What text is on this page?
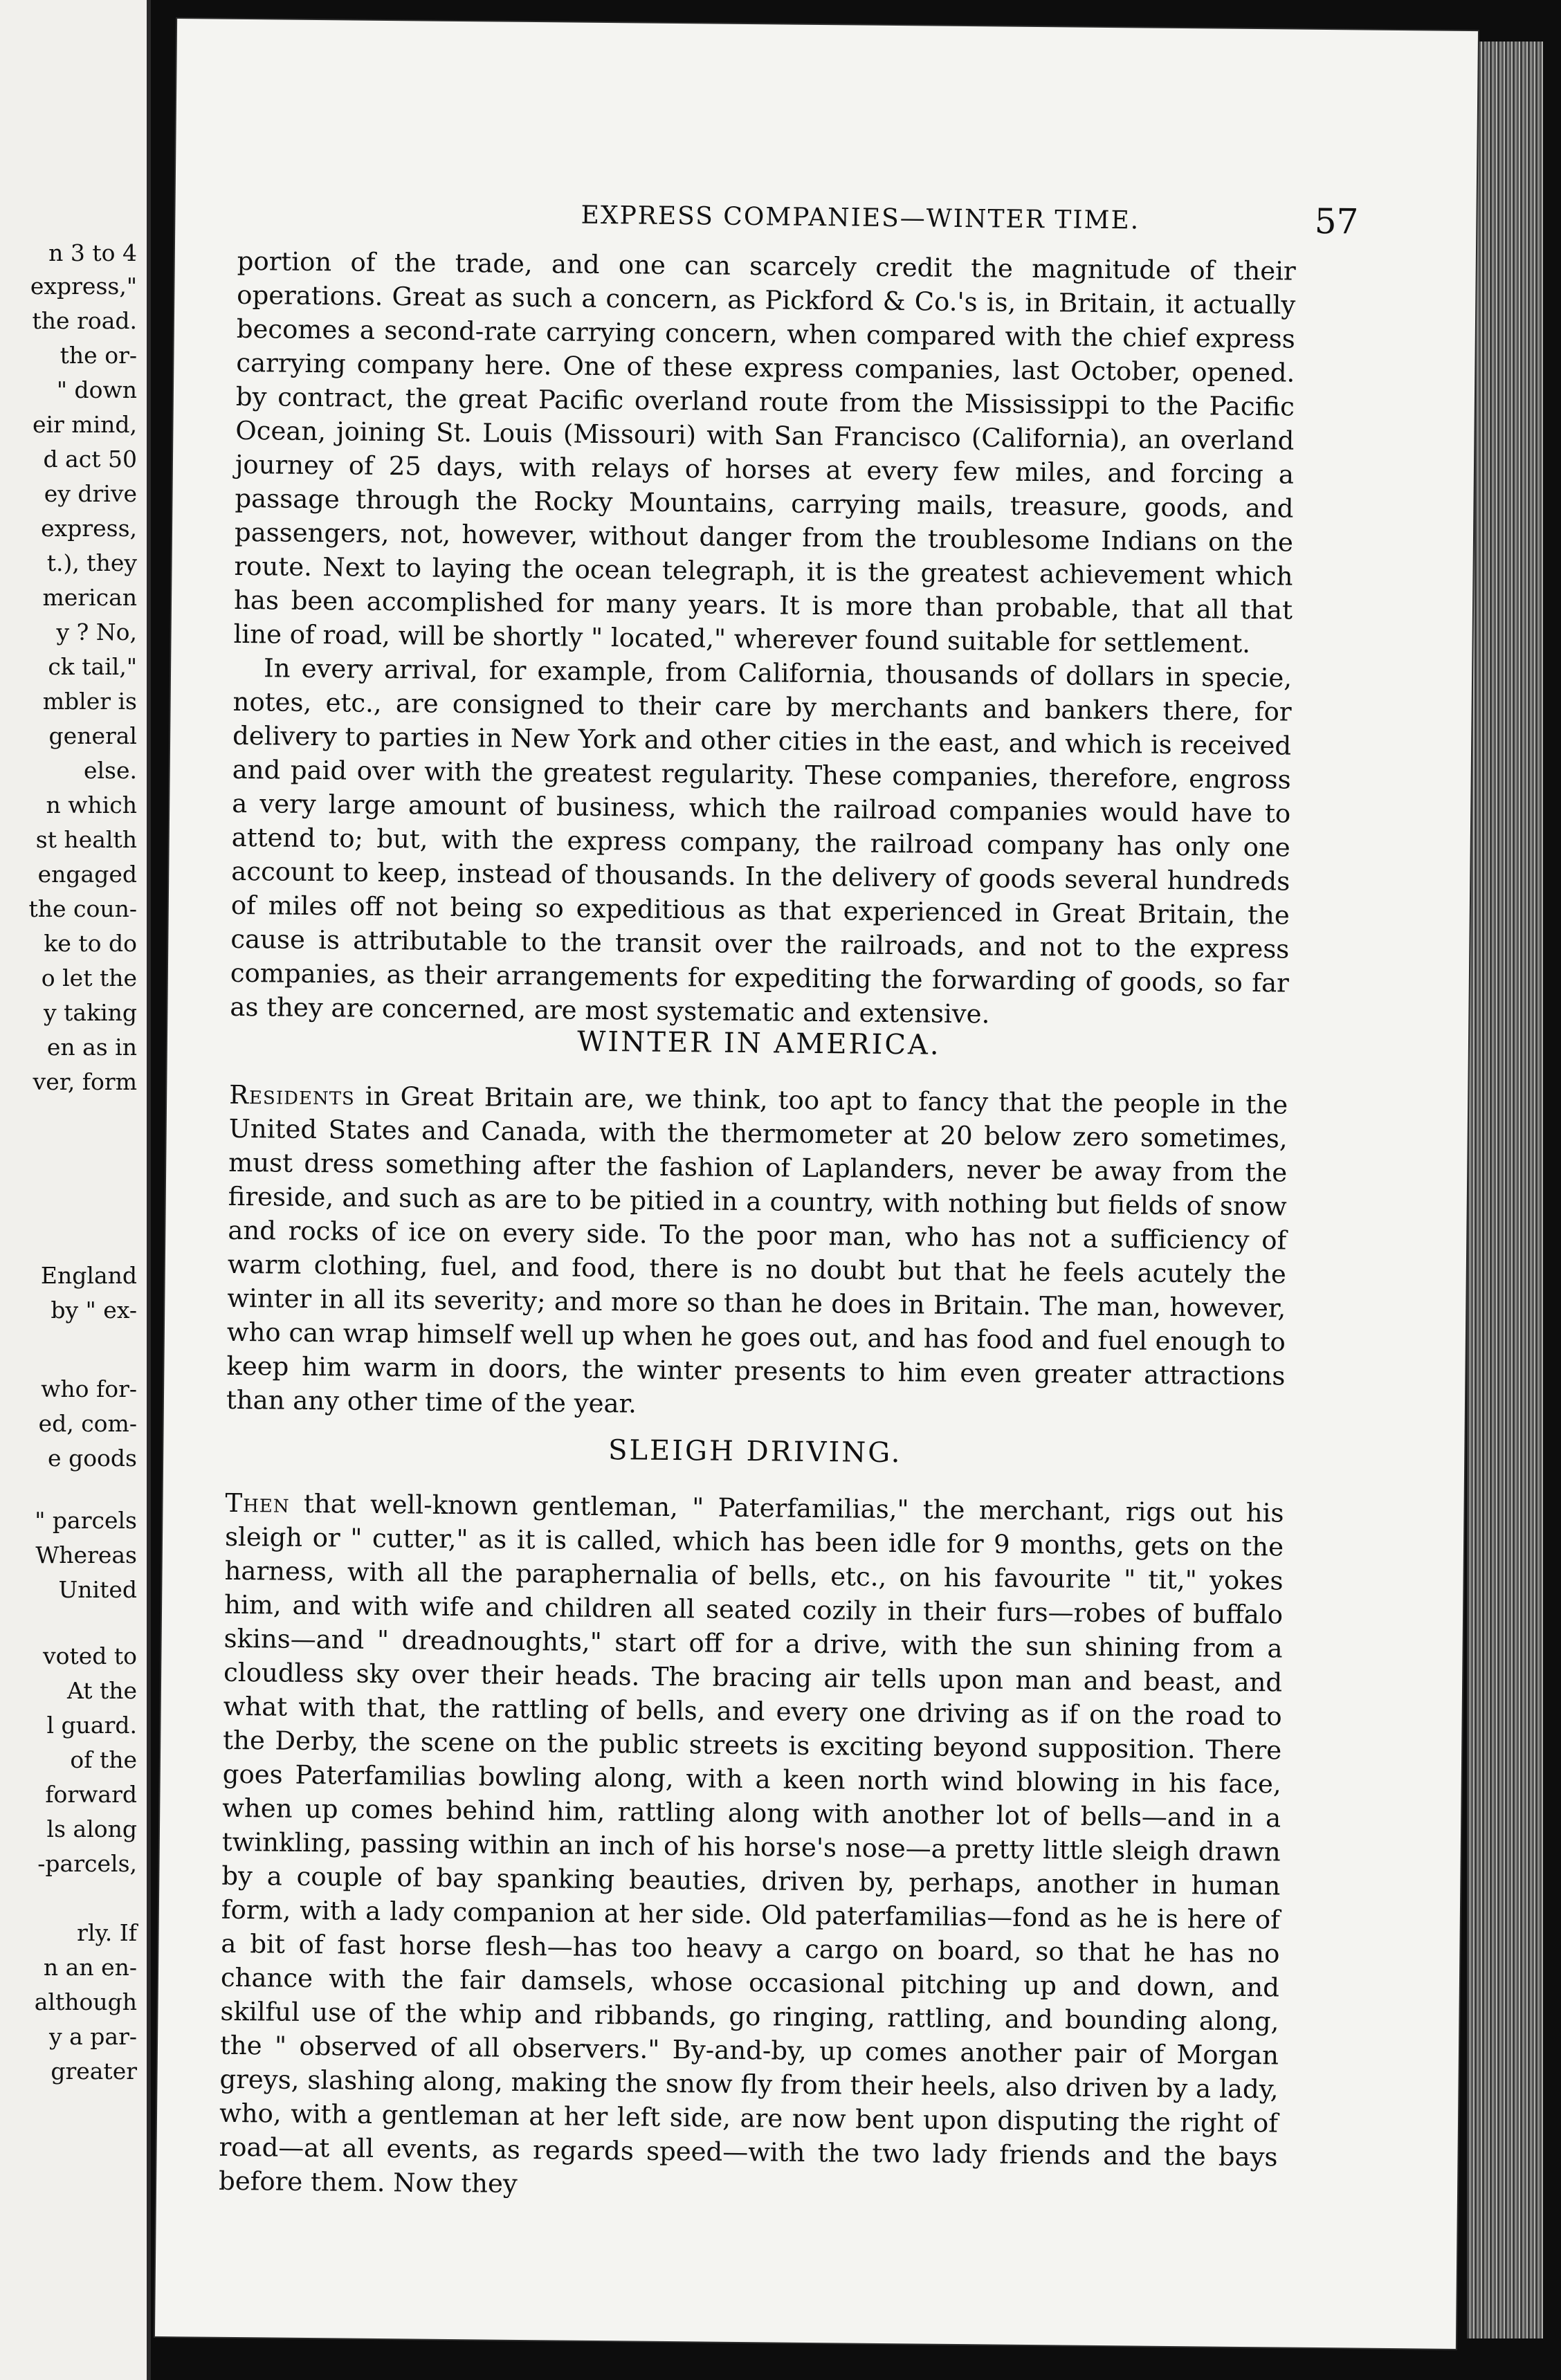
n 3 to 4
express,"
the road.
the or-
" down
eir mind,
d act 50
ey drive
express,
t.), they
merican
y ? No,
ck tail,"
mbler is
general
else.
n which
st health
engaged
the coun-
ke to do
o let the
y taking
en as in
ver, form
England
by " ex-
who for-
ed, com-
e goods
" parcels
Whereas
United
voted to
At the
l guard.
of the
forward
ls along
-parcels,
rly. If
n an en-
although
y a par-
greater
EXPRESS COMPANIES—WINTER TIME.	57

portion of the trade, and one can scarcely credit the magnitude of their operations. Great as such a concern, as Pickford & Co.'s is, in Britain, it actually becomes a second-rate carrying concern, when compared with the chief express carrying company here. One of these express companies, last October, opened. by contract, the great Pacific overland route from the Mississippi to the Pacific Ocean, joining St. Louis (Missouri) with San Francisco (California), an overland journey of 25 days, with relays of horses at every few miles, and forcing a passage through the Rocky Mountains, carrying mails, treasure, goods, and passengers, not, however, without danger from the troublesome Indians on the route. Next to laying the ocean telegraph, it is the greatest achievement which has been accomplished for many years. It is more than probable, that all that line of road, will be shortly " located," wherever found suitable for settlement.

In every arrival, for example, from California, thousands of dollars in specie, notes, etc., are consigned to their care by merchants and bankers there, for delivery to parties in New York and other cities in the east, and which is received and paid over with the greatest regularity. These companies, therefore, engross a very large amount of business, which the railroad companies would have to attend to; but, with the express company, the railroad company has only one account to keep, instead of thousands. In the delivery of goods several hundreds of miles off not being so expeditious as that experienced in Great Britain, the cause is attributable to the transit over the railroads, and not to the express companies, as their arrangements for expediting the forwarding of goods, so far as they are concerned, are most systematic and extensive.

WINTER IN AMERICA.

Residents in Great Britain are, we think, too apt to fancy that the people in the United States and Canada, with the thermometer at 20 below zero sometimes, must dress something after the fashion of Laplanders, never be away from the fireside, and such as are to be pitied in a country, with nothing but fields of snow and rocks of ice on every side. To the poor man, who has not a sufficiency of warm clothing, fuel, and food, there is no doubt but that he feels acutely the winter in all its severity; and more so than he does in Britain. The man, however, who can wrap himself well up when he goes out, and has food and fuel enough to keep him warm in doors, the winter presents to him even greater attractions than any other time of the year.

SLEIGH DRIVING.

Then that well-known gentleman, " Paterfamilias," the merchant, rigs out his sleigh or " cutter," as it is called, which has been idle for 9 months, gets on the harness, with all the paraphernalia of bells, etc., on his favourite " tit," yokes him, and with wife and children all seated cozily in their furs—robes of buffalo skins—and " dreadnoughts," start off for a drive, with the sun shining from a cloudless sky over their heads. The bracing air tells upon man and beast, and what with that, the rattling of bells, and every one driving as if on the road to the Derby, the scene on the public streets is exciting beyond supposition. There goes Paterfamilias bowling along, with a keen north wind blowing in his face, when up comes behind him, rattling along with another lot of bells—and in a twinkling, passing within an inch of his horse's nose—a pretty little sleigh drawn by a couple of bay spanking beauties, driven by, perhaps, another in human form, with a lady companion at her side. Old paterfamilias—fond as he is here of a bit of fast horse flesh—has too heavy a cargo on board, so that he has no chance with the fair damsels, whose occasional pitching up and down, and skilful use of the whip and ribbands, go ringing, rattling, and bounding along, the " observed of all observers." By-and-by, up comes another pair of Morgan greys, slashing along, making the snow fly from their heels, also driven by a lady, who, with a gentleman at her left side, are now bent upon disputing the right of road—at all events, as regards speed—with the two lady friends and the bays before them. Now they
